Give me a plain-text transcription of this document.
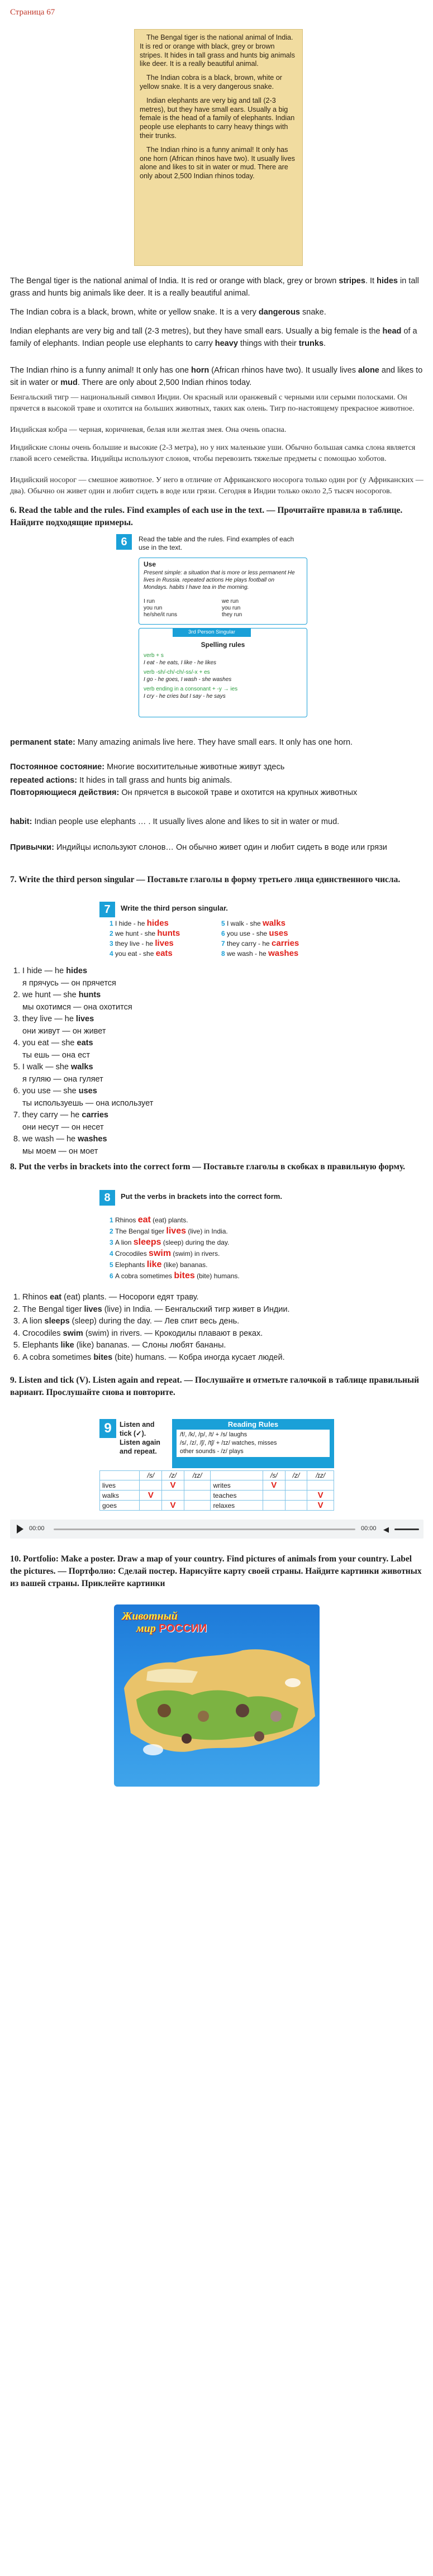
Страница 67

The Bengal tiger is the national animal of India. It is red or orange with black, grey or brown stripes. It hides in tall grass and hunts big animals like deer. It is a really beautiful animal.

The Indian cobra is a black, brown, white or yellow snake. It is a very dangerous snake.

Indian elephants are very big and tall (2-3 metres), but they have small ears. Usually a big female is the head of a family of elephants. Indian people use elephants to carry heavy things with their trunks.

The Indian rhino is a funny animal! It only has one horn (African rhinos have two). It usually lives alone and likes to sit in water or mud. There are only about 2,500 Indian rhinos today.

The Bengal tiger is the national animal of India. It is red or orange with black, grey or brown stripes. It hides in tall grass and hunts big animals like deer. It is a really beautiful animal.
The Indian cobra is a black, brown, white or yellow snake. It is a very dangerous snake.
Indian elephants are very big and tall (2-3 metres), but they have small ears. Usually a big female is the head of a family of elephants. Indian people use elephants to carry heavy things with their trunks.
The Indian rhino is a funny animal! It only has one horn (African rhinos have two). It usually lives alone and likes to sit in water or mud. There are only about 2,500 Indian rhinos today.
Бенгальский тигр — национальный символ Индии. Он красный или оранжевый с черными или серыми полосками. Он прячется в высокой траве и охотится на больших животных, таких как олень. Тигр по-настоящему прекрасное животное.
Индийская кобра — черная, коричневая, белая или желтая змея. Она очень опасна.
Индийские слоны очень большие и высокие (2-3 метра), но у них маленькие уши. Обычно большая самка слона является главой всего семейства. Индийцы используют слонов, чтобы перевозить тяжелые предметы с помощью хоботов.
Индийский носорог — смешное животное. У него в отличие от Африканского носорога только один рог (у Африканских — два). Обычно он живет один и любит сидеть в воде или грязи. Сегодня в Индии только около 2,5 тысяч носорогов.
6. Read the table and the rules. Find examples of each use in the text. — Прочитайте правила в таблице. Найдите подходящие примеры.
6	Read the table and the rules. Find examples of each use in the text.
Use
Present simple: a situation that is more or less permanent He lives in Russia. repeated actions He plays football on Mondays. habits I have tea in the morning.
I run	we run
you run	you run
he/she/it runs	they run
3rd Person Singular
Spelling rules
verb + s
I eat - he eats, I like - he likes
verb -sh/-ch/-ch/-ss/-x + es
I go - he goes, I wash - she washes
verb ending in a consonant + -y → ies
I cry - he cries but I say - he says
permanent state: Many amazing animals live here. They have small ears. It only has one horn.
Постоянное состояние: Многие восхитительные животные живут здесь
repeated actions: It hides in tall grass and hunts big animals.
Повторяющиеся действия: Он прячется в высокой траве и охотится на крупных животных
habit: Indian people use elephants … . It usually lives alone and likes to sit in water or mud.
Привычки: Индийцы используют слонов… Он обычно живет один и любит сидеть в воде или грязи
7. Write the third person singular — Поставьте глаголы в форму третьего лица единственного числа.
7	Write the third person singular.
1 I hide - he hides
2 we hunt - she hunts
3 they live - he lives
4 you eat - she eats
5 I walk - she walks
6 you use - she uses
7 they carry - he carries
8 we wash - he washes
1. I hide — he hides
я прячусь — он прячется
2. we hunt — she hunts
мы охотимся — она охотится
3. they live — he lives
они живут — он живет
4. you eat — she eats
ты ешь — она ест
5. I walk — she walks
я гуляю — она гуляет
6. you use — she uses
ты используешь — она использует
7. they carry — he carries
они несут — он несет
8. we wash — he washes
мы моем — он моет
8. Put the verbs in brackets into the correct form — Поставьте глаголы в скобках в правильную форму.
8	Put the verbs in brackets into the correct form.
1 Rhinos eat (eat) plants.
2 The Bengal tiger lives (live) in India.
3 A lion sleeps (sleep) during the day.
4 Crocodiles swim (swim) in rivers.
5 Elephants like (like) bananas.
6 A cobra sometimes bites (bite) humans.
1. Rhinos eat (eat) plants. — Носороги едят траву.
2. The Bengal tiger lives (live) in India. — Бенгальский тигр живет в Индии.
3. A lion sleeps (sleep) during the day. — Лев спит весь день.
4. Crocodiles swim (swim) in rivers. — Крокодилы плавают в реках.
5. Elephants like (like) bananas. — Слоны любят бананы.
6. A cobra sometimes bites (bite) humans. — Кобра иногда кусает людей.
9. Listen and tick (V). Listen again and repeat. — Послушайте и отметьте галочкой в таблице правильный вариант. Прослушайте снова и повторите.
9	Listen and tick (✓). Listen again and repeat.
Reading Rules
/f/, /k/, /p/, /t/ + /s/ laughs
/s/, /z/, /ʃ/, /tʃ/ + /ɪz/ watches, misses
other sounds - /z/ plays
	/s/	/z/	/ɪz/		/s/	/z/	/ɪz/
lives		V		writes	V		
walks	V			teaches			V
goes		V		relaxes			V
00:00	00:00 ◀
10. Portfolio: Make a poster. Draw a map of your country. Find pictures of animals from your country. Label the pictures. — Портфолио: Сделай постер. Нарисуйте карту своей страны. Найдите картинки животных из вашей страны. Приклейте картинки
Животный
мир РОССИИ
